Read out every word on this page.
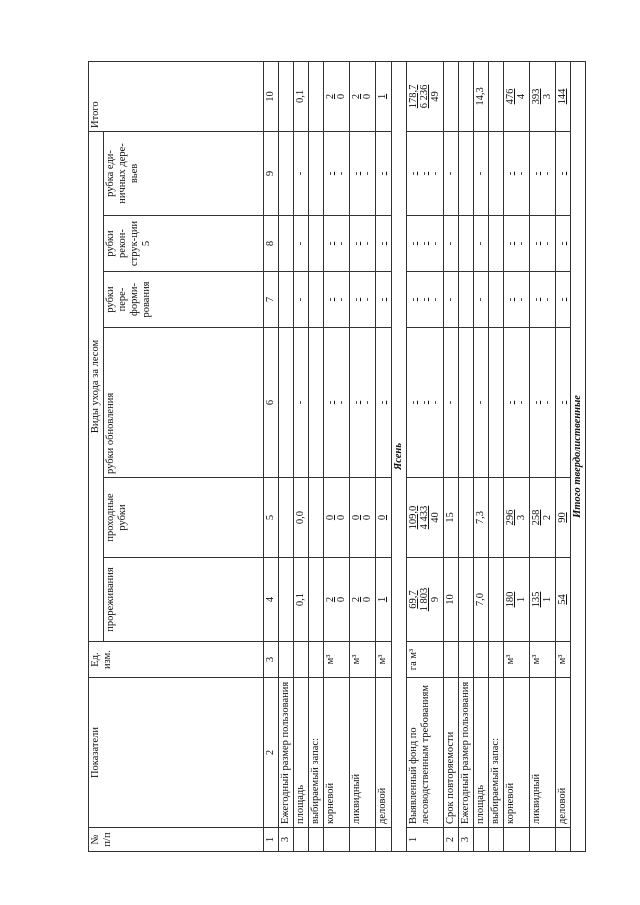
№ п/п	Показатели	Ед. изм.	Виды ухода за лесом						Итого
			прореживания	проходные рубки	рубки обновления	рубки пере-форми-рования	рубки рекон-струк-ции 5	рубка еди-ничных дере-вьев	
1	2	3	4	5	6	7	8	9	10
3	Ежегодный размер пользования								
	площадь		0,1	0,0	-	-	-	-	0,1
	выбираемый запас:								
	корневой	м³	2 0	0 0	- -	- -	- -	- -	2 0

	ликвидный	м³	2 0	0 0	- -	- -	- -	- -	2 0

	деловой	м³	1	0	-	-	-	-	1

Ясень									
1	Выявленный фонд по лесоводственным требованиям	га м³	69,7 1 803 9	109,0 4 433 40	- - -	- - -	- - -	- - -	178,7 6 236 49

2	Срок повторяемости		10	15	-	-	-	-	
3	Ежегодный размер пользования								
	площадь		7,0	7,3	-	-	-	-	14,3
	выбираемый запас:								
	корневой	м³	180 1	296 3	- -	- -	- -	- -	476 4

	ликвидный	м³	135 1	258 2	- -	- -	- -	- -	393 3

	деловой	м³	54	90	-	-	-	-	144

Итого твердолиственные									
